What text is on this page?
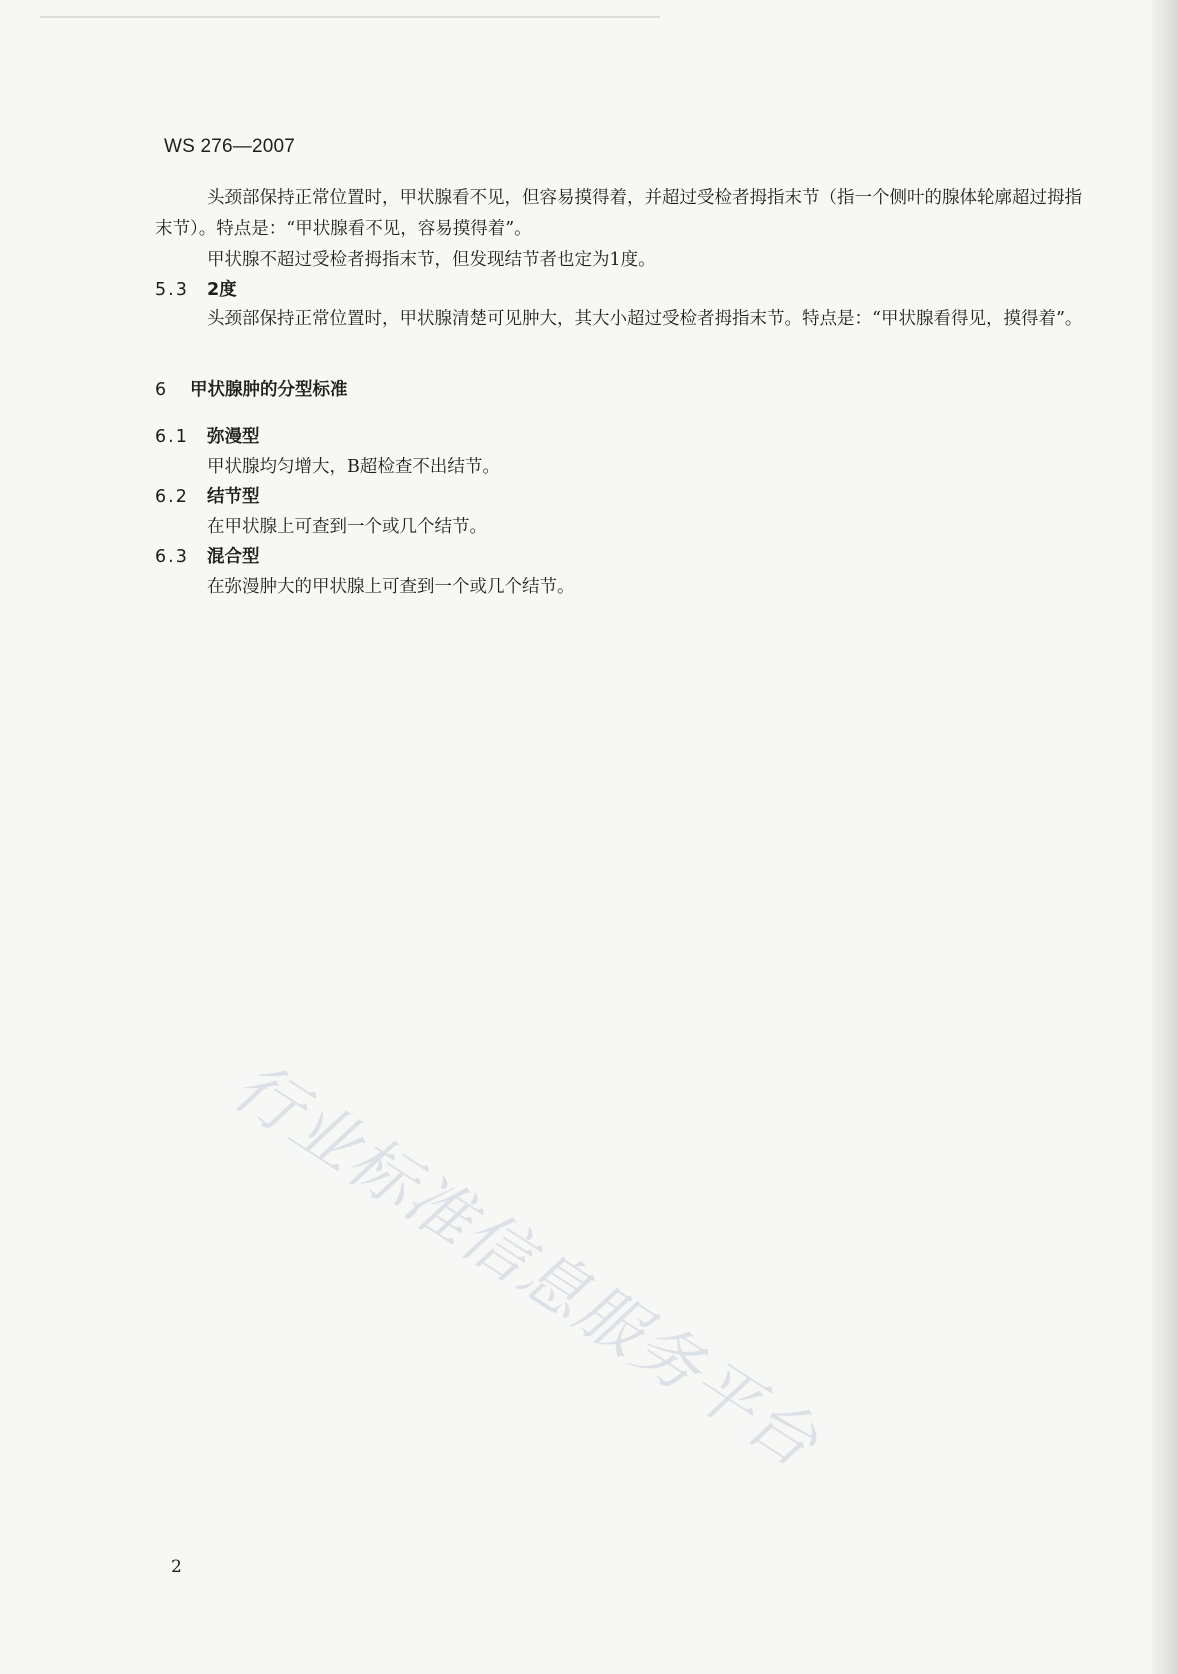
WS 276—2007

头颈部保持正常位置时，甲状腺看不见，但容易摸得着，并超过受检者拇指末节（指一个侧叶的腺体轮廓超过拇指末节）。特点是：“甲状腺看不见，容易摸得着”。

甲状腺不超过受检者拇指末节，但发现结节者也定为1度。

5.3 2度

头颈部保持正常位置时，甲状腺清楚可见肿大，其大小超过受检者拇指末节。特点是：“甲状腺看得见，摸得着”。

6 甲状腺肿的分型标准
6.1 弥漫型

甲状腺均匀增大，B超检查不出结节。

6.2 结节型

在甲状腺上可查到一个或几个结节。

6.3 混合型

在弥漫肿大的甲状腺上可查到一个或几个结节。

行业标准信息服务平台
2
